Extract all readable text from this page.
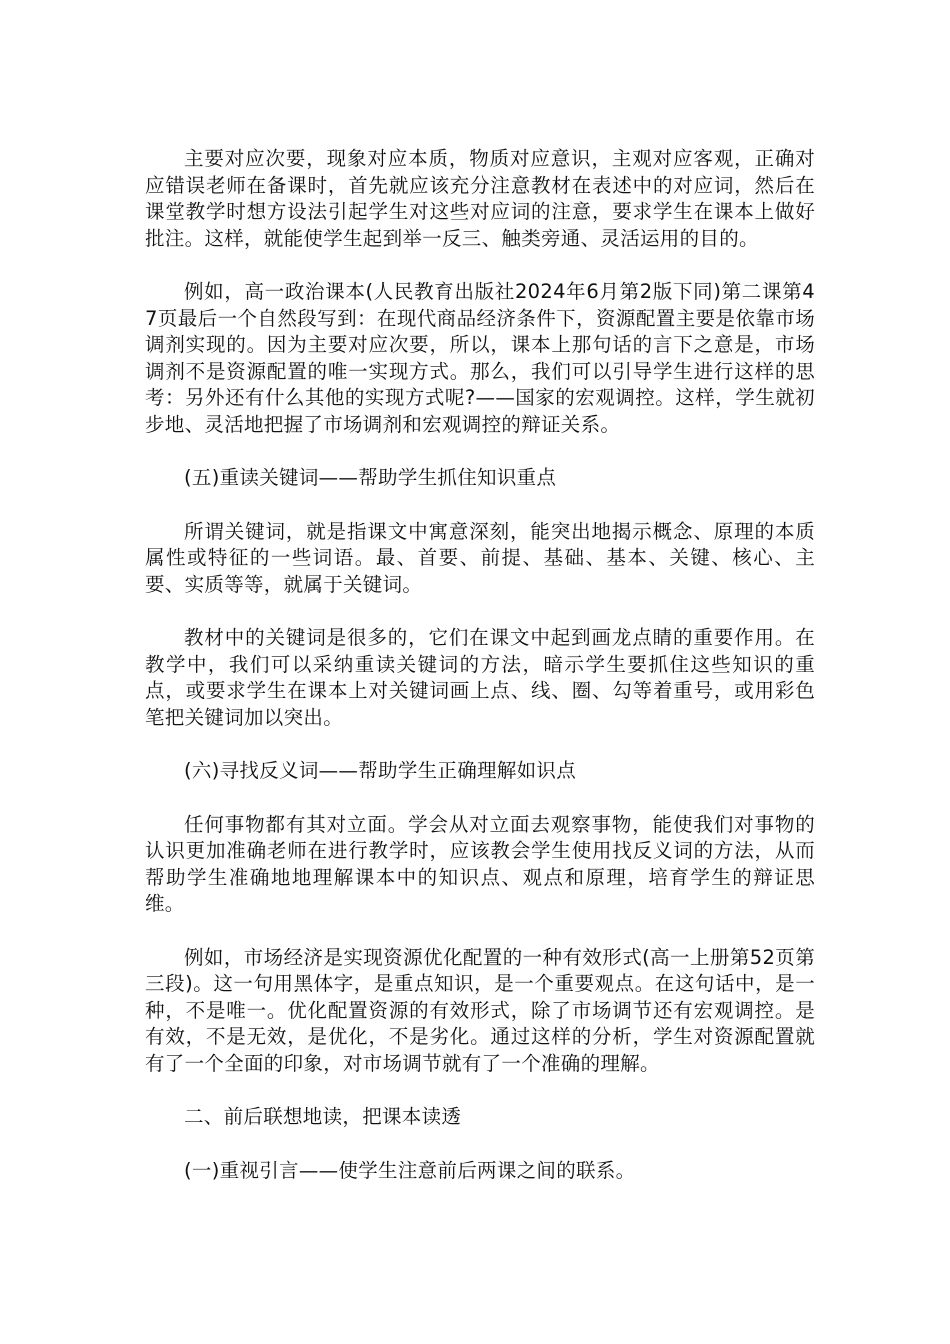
主要对应次要，现象对应本质，物质对应意识，主观对应客观，正确对应错误老师在备课时，首先就应该充分注意教材在表述中的对应词，然后在课堂教学时想方设法引起学生对这些对应词的注意，要求学生在课本上做好批注。这样，就能使学生起到举一反三、触类旁通、灵活运用的目的。

例如，高一政治课本(人民教育出版社2024年6月第2版下同)第二课第47页最后一个自然段写到：在现代商品经济条件下，资源配置主要是依靠市场调剂实现的。因为主要对应次要，所以，课本上那句话的言下之意是，市场调剂不是资源配置的唯一实现方式。那么，我们可以引导学生进行这样的思考：另外还有什么其他的实现方式呢?——国家的宏观调控。这样，学生就初步地、灵活地把握了市场调剂和宏观调控的辩证关系。

(五)重读关键词——帮助学生抓住知识重点

所谓关键词，就是指课文中寓意深刻，能突出地揭示概念、原理的本质属性或特征的一些词语。最、首要、前提、基础、基本、关键、核心、主要、实质等等，就属于关键词。

教材中的关键词是很多的，它们在课文中起到画龙点睛的重要作用。在教学中，我们可以采纳重读关键词的方法，暗示学生要抓住这些知识的重点，或要求学生在课本上对关键词画上点、线、圈、勾等着重号，或用彩色笔把关键词加以突出。

(六)寻找反义词——帮助学生正确理解如识点

任何事物都有其对立面。学会从对立面去观察事物，能使我们对事物的认识更加准确老师在进行教学时，应该教会学生使用找反义词的方法，从而帮助学生准确地地理解课本中的知识点、观点和原理，培育学生的辩证思维。

例如，市场经济是实现资源优化配置的一种有效形式(高一上册第52页第三段)。这一句用黑体字，是重点知识，是一个重要观点。在这句话中，是一种，不是唯一。优化配置资源的有效形式，除了市场调节还有宏观调控。是有效，不是无效，是优化，不是劣化。通过这样的分析，学生对资源配置就有了一个全面的印象，对市场调节就有了一个准确的理解。

二、前后联想地读，把课本读透

(一)重视引言——使学生注意前后两课之间的联系。
